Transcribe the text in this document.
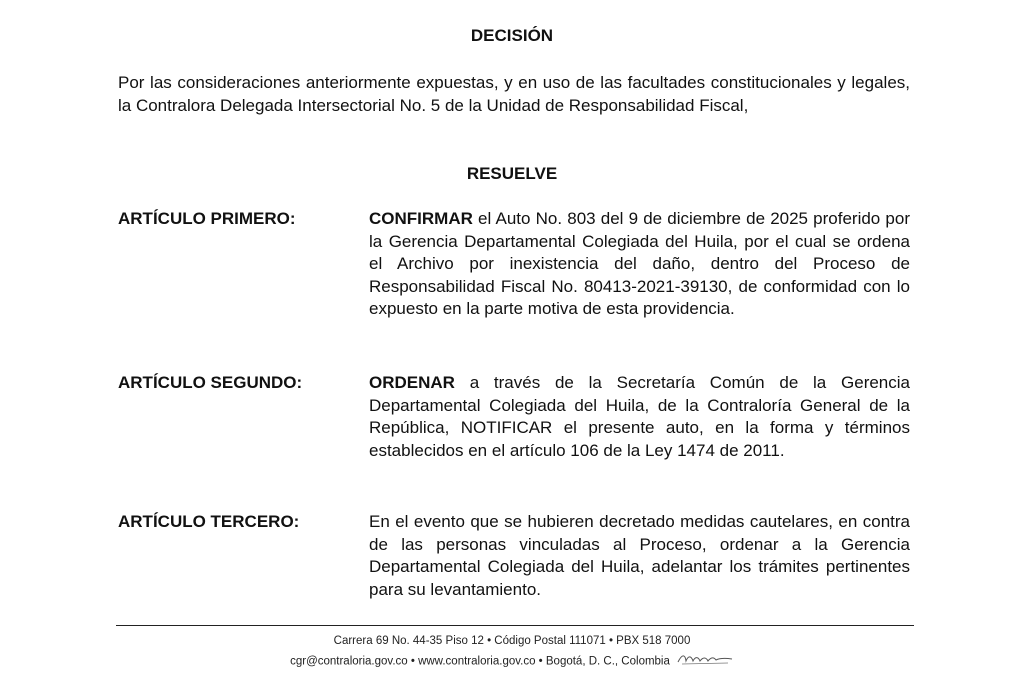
DECISIÓN
Por las consideraciones anteriormente expuestas, y en uso de las facultades constitucionales y legales, la Contralora Delegada Intersectorial No. 5 de la Unidad de Responsabilidad Fiscal,
RESUELVE
ARTÍCULO PRIMERO:	CONFIRMAR el Auto No. 803 del 9 de diciembre de 2025 proferido por la Gerencia Departamental Colegiada del Huila, por el cual se ordena el Archivo por inexistencia del daño, dentro del Proceso de Responsabilidad Fiscal No. 80413-2021-39130, de conformidad con lo expuesto en la parte motiva de esta providencia.
ARTÍCULO SEGUNDO:	ORDENAR a través de la Secretaría Común de la Gerencia Departamental Colegiada del Huila, de la Contraloría General de la República, NOTIFICAR el presente auto, en la forma y términos establecidos en el artículo 106 de la Ley 1474 de 2011.
ARTÍCULO TERCERO:	En el evento que se hubieren decretado medidas cautelares, en contra de las personas vinculadas al Proceso, ordenar a la Gerencia Departamental Colegiada del Huila, adelantar los trámites pertinentes para su levantamiento.
Carrera 69 No. 44-35 Piso 12 • Código Postal 111071 • PBX 518 7000
cgr@contraloria.gov.co • www.contraloria.gov.co • Bogotá, D. C., Colombia
